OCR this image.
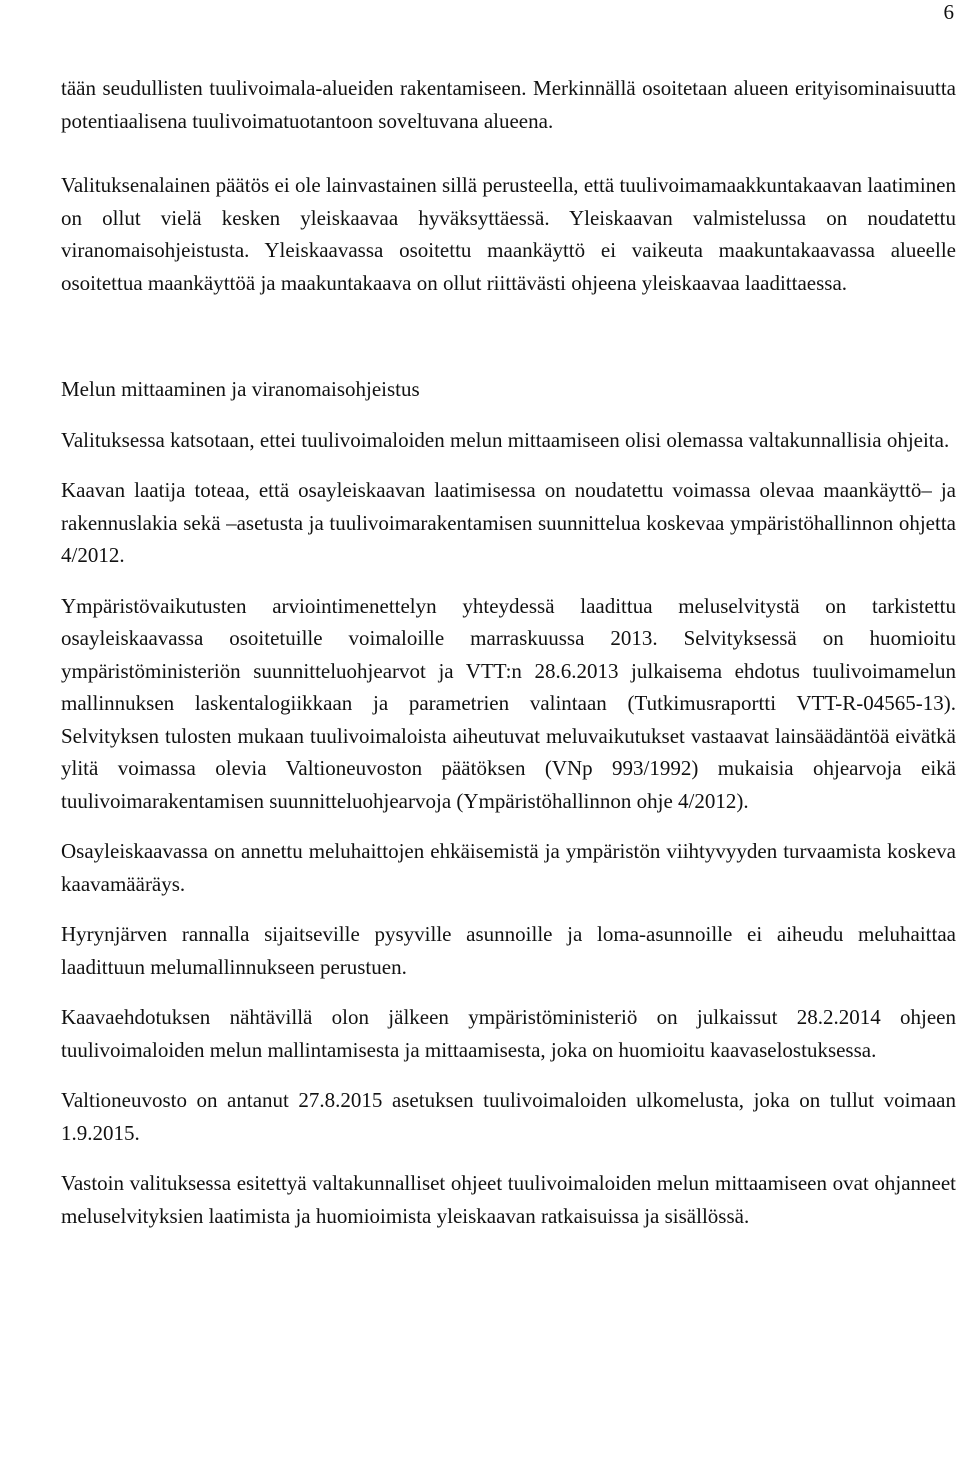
6

tään seudullisten tuulivoimala-alueiden rakentamiseen. Merkinnällä osoitetaan alueen erityisominaisuutta potentiaalisena tuulivoimatuotantoon soveltuvana alueena.

Valituksenalainen päätös ei ole lainvastainen sillä perusteella, että tuulivoimamaakkuntakaavan laatiminen on ollut vielä kesken yleiskaavaa hyväksyttäessä. Yleiskaavan valmistelussa on noudatettu viranomaisohjeistusta. Yleiskaavassa osoitettu maankäyttö ei vaikeuta maakuntakaavassa alueelle osoitettua maankäyttöä ja maakuntakaava on ollut riittävästi ohjeena yleiskaavaa laadittaessa.

Melun mittaaminen ja viranomaisohjeistus

Valituksessa katsotaan, ettei tuulivoimaloiden melun mittaamiseen olisi olemassa valtakunnallisia ohjeita.

Kaavan laatija toteaa, että osayleiskaavan laatimisessa on noudatettu voimassa olevaa maankäyttö– ja rakennuslakia sekä –asetusta ja tuulivoimarakentamisen suunnittelua koskevaa ympäristöhallinnon ohjetta 4/2012.

Ympäristövaikutusten arviointimenettelyn yhteydessä laadittua meluselvitystä on tarkistettu osayleiskaavassa osoitetuille voimaloille marraskuussa 2013. Selvityksessä on huomioitu ympäristöministeriön suunnitteluohjearvot ja VTT:n 28.6.2013 julkaisema ehdotus tuulivoimamelun mallinnuksen laskentalogiikkaan ja parametrien valintaan (Tutkimusraportti VTT-R-04565-13). Selvityksen tulosten mukaan tuulivoimaloista aiheutuvat meluvaikutukset vastaavat lainsäädäntöä eivätkä ylitä voimassa olevia Valtioneuvoston päätöksen (VNp 993/1992) mukaisia ohjearvoja eikä tuulivoimarakentamisen suunnitteluohjearvoja (Ympäristöhallinnon ohje 4/2012).

Osayleiskaavassa on annettu meluhaittojen ehkäisemistä ja ympäristön viihtyvyyden turvaamista koskeva kaavamääräys.

Hyrynjärven rannalla sijaitseville pysyville asunnoille ja loma-asunnoille ei aiheudu meluhaittaa laadittuun melumallinnukseen perustuen.

Kaavaehdotuksen nähtävillä olon jälkeen ympäristöministeriö on julkaissut 28.2.2014 ohjeen tuulivoimaloiden melun mallintamisesta ja mittaamisesta, joka on huomioitu kaavaselostuksessa.

Valtioneuvosto on antanut 27.8.2015 asetuksen tuulivoimaloiden ulkomelusta, joka on tullut voimaan 1.9.2015.

Vastoin valituksessa esitettyä valtakunnalliset ohjeet tuulivoimaloiden melun mittaamiseen ovat ohjanneet meluselvityksien laatimista ja huomioimista yleiskaavan ratkaisuissa ja sisällössä.
